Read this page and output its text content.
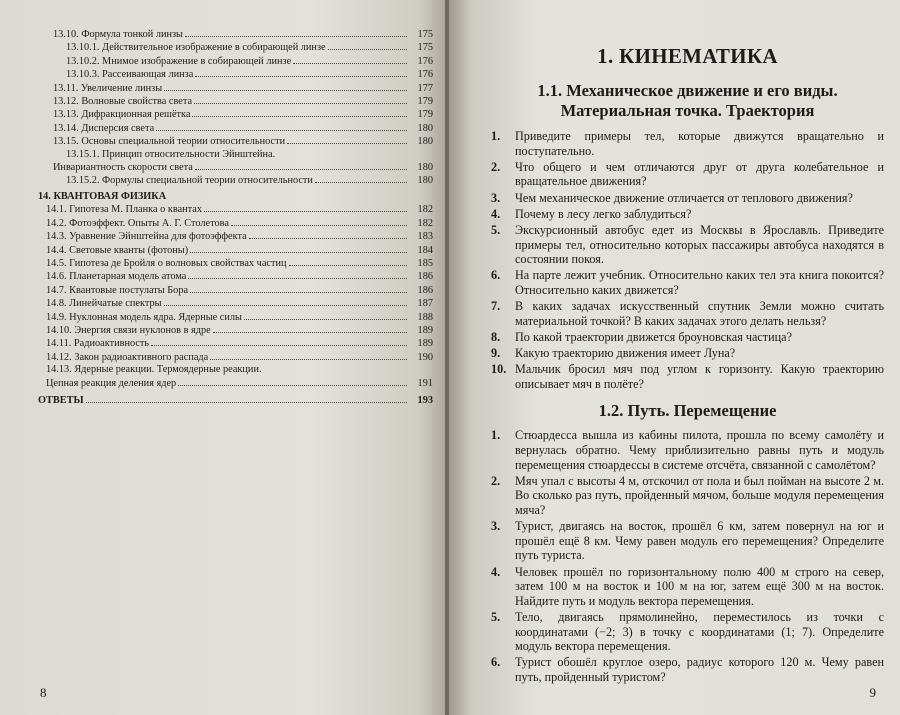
13.10. Формула тонкой линзы	175
13.10.1. Действительное изображение в собирающей линзе	175
13.10.2. Мнимое изображение в собирающей линзе	176
13.10.3. Рассеивающая линза	176
13.11. Увеличение линзы	177
13.12. Волновые свойства света	179
13.13. Дифракционная решётка	179
13.14. Дисперсия света	180
13.15. Основы специальной теории относительности	180
13.15.1. Принцип относительности Эйнштейна.
Инвариантность скорости света	180
13.15.2. Формулы специальной теории относительности	180
14. КВАНТОВАЯ ФИЗИКА
14.1. Гипотеза М. Планка о квантах	182
14.2. Фотоэффект. Опыты А. Г. Столетова	182
14.3. Уравнение Эйнштейна для фотоэффекта	183
14.4. Световые кванты (фотоны)	184
14.5. Гипотеза де Бройля о волновых свойствах частиц	185
14.6. Планетарная модель атома	186
14.7. Квантовые постулаты Бора	186
14.8. Линейчатые спектры	187
14.9. Нуклонная модель ядра. Ядерные силы	188
14.10. Энергия связи нуклонов в ядре	189
14.11. Радиоактивность	189
14.12. Закон радиоактивного распада	190
14.13. Ядерные реакции. Термоядерные реакции.
Цепная реакция деления ядер	191
ОТВЕТЫ	193
8
1. КИНЕМАТИКА
1.1. Механическое движение и его виды.
Материальная точка. Траектория
1.	Приведите примеры тел, которые движутся вращательно и поступательно.
2.	Что общего и чем отличаются друг от друга колебательное и вращательное движения?
3.	Чем механическое движение отличается от теплового движения?
4.	Почему в лесу легко заблудиться?
5.	Экскурсионный автобус едет из Москвы в Ярославль. Приведите примеры тел, относительно которых пассажиры автобуса находятся в состоянии покоя.
6.	На парте лежит учебник. Относительно каких тел эта книга покоится? Относительно каких движется?
7.	В каких задачах искусственный спутник Земли можно считать материальной точкой? В каких задачах этого делать нельзя?
8.	По какой траектории движется броуновская частица?
9.	Какую траекторию движения имеет Луна?
10. Мальчик бросил мяч под углом к горизонту. Какую траекторию описывает мяч в полёте?
1.2. Путь. Перемещение
1.	Стюардесса вышла из кабины пилота, прошла по всему самолёту и вернулась обратно. Чему приблизительно равны путь и модуль перемещения стюардессы в системе отсчёта, связанной с самолётом?
2.	Мяч упал с высоты 4 м, отскочил от пола и был пойман на высоте 2 м. Во сколько раз путь, пройденный мячом, больше модуля перемещения мяча?
3.	Турист, двигаясь на восток, прошёл 6 км, затем повернул на юг и прошёл ещё 8 км. Чему равен модуль его перемещения? Определите путь туриста.
4.	Человек прошёл по горизонтальному полю 400 м строго на север, затем 100 м на восток и 100 м на юг, затем ещё 300 м на восток. Найдите путь и модуль вектора перемещения.
5.	Тело, двигаясь прямолинейно, переместилось из точки с координатами (−2; 3) в точку с координатами (1; 7). Определите модуль вектора перемещения.
6.	Турист обошёл круглое озеро, радиус которого 120 м. Чему равен путь, пройденный туристом?
9
